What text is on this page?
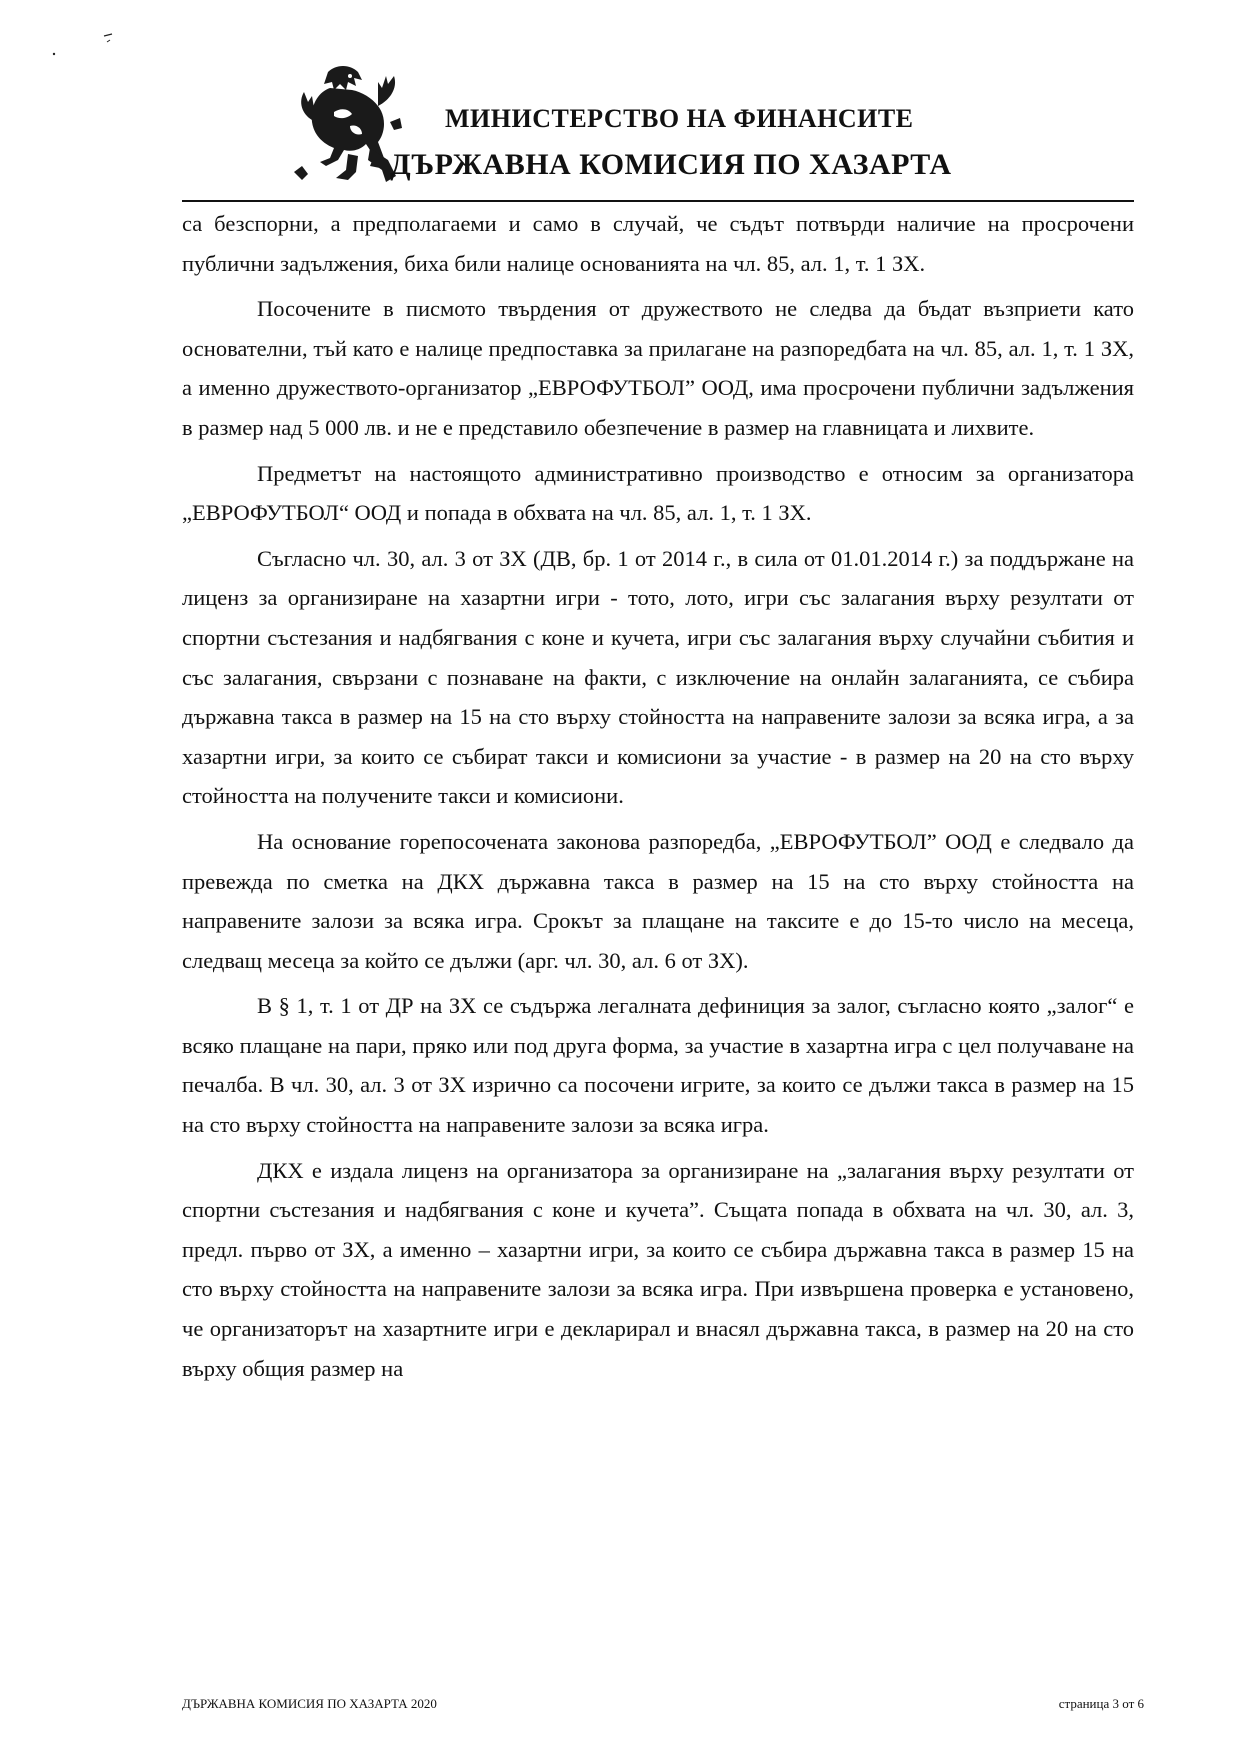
МИНИСТЕРСТВО НА ФИНАНСИТЕ
ДЪРЖАВНА КОМИСИЯ ПО ХАЗАРТА

са безспорни, а предполагаеми и само в случай, че съдът потвърди наличие на просрочени публични задължения, биха били налице основанията на чл. 85, ал. 1, т. 1 ЗХ.

Посочените в писмото твърдения от дружеството не следва да бъдат възприети като основателни, тъй като е налице предпоставка за прилагане на разпоредбата на чл. 85, ал. 1, т. 1 ЗХ, а именно дружеството-организатор „ЕВРОФУТБОЛ” ООД, има просрочени публични задължения в размер над 5 000 лв. и не е представило обезпечение в размер на главницата и лихвите.

Предметът на настоящото административно производство е относим за организатора „ЕВРОФУТБОЛ“ ООД и попада в обхвата на чл. 85, ал. 1, т. 1 ЗХ.

Съгласно чл. 30, ал. 3 от ЗХ (ДВ, бр. 1 от 2014 г., в сила от 01.01.2014 г.) за поддържане на лиценз за организиране на хазартни игри - тото, лото, игри със залагания върху резултати от спортни състезания и надбягвания с коне и кучета, игри със залагания върху случайни събития и със залагания, свързани с познаване на факти, с изключение на онлайн залаганията, се събира държавна такса в размер на 15 на сто върху стойността на направените залози за всяка игра, а за хазартни игри, за които се събират такси и комисиони за участие - в размер на 20 на сто върху стойността на получените такси и комисиони.

На основание горепосочената законова разпоредба, „ЕВРОФУТБОЛ” ООД е следвало да превежда по сметка на ДКХ държавна такса в размер на 15 на сто върху стойността на направените залози за всяка игра. Срокът за плащане на таксите е до 15-то число на месеца, следващ месеца за който се дължи (арг. чл. 30, ал. 6 от ЗХ).

В § 1, т. 1 от ДР на ЗХ се съдържа легалната дефиниция за залог, съгласно която „залог“ е всяко плащане на пари, пряко или под друга форма, за участие в хазартна игра с цел получаване на печалба. В чл. 30, ал. 3 от ЗХ изрично са посочени игрите, за които се дължи такса в размер на 15 на сто върху стойността на направените залози за всяка игра.

ДКХ е издала лиценз на организатора за организиране на „залагания върху резултати от спортни състезания и надбягвания с коне и кучета”. Същата попада в обхвата на чл. 30, ал. 3, предл. първо от ЗХ, а именно – хазартни игри, за които се събира държавна такса в размер 15 на сто върху стойността на направените залози за всяка игра. При извършена проверка е установено, че организаторът на хазартните игри е декларирал и внасял държавна такса, в размер на 20 на сто върху общия размер на

ДЪРЖАВНА КОМИСИЯ ПО ХАЗАРТА 2020	страница 3 от 6
